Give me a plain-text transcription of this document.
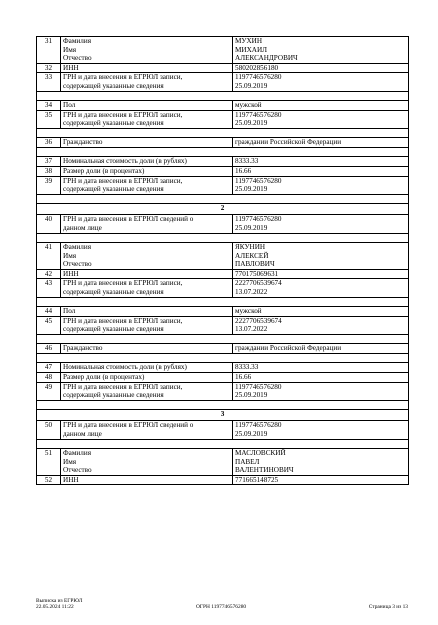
31	Фамилия
Имя
Отчество	МУХИН
МИХАИЛ
АЛЕКСАНДРОВИЧ
32	ИНН	580202856180
33	ГРН и дата внесения в ЕГРЮЛ записи,
содержащей указанные сведения	1197746576280
25.09.2019

34	Пол	мужской
35	ГРН и дата внесения в ЕГРЮЛ записи,
содержащей указанные сведения	1197746576280
25.09.2019

36	Гражданство	граждании Российской Федерации

37	Номинальная стоимость доли (в рублях)	8333.33
38	Размер доли (в процентах)	16.66
39	ГРН и дата внесения в ЕГРЮЛ записи,
содержащей указанные сведения	1197746576280
25.09.2019

2		
40	ГРН и дата внесения в ЕГРЮЛ сведений о
данном лице	1197746576280
25.09.2019

41	Фамилия
Имя
Отчество	ЯКУНИН
АЛЕКСЕЙ
ПАВЛОВИЧ
42	ИНН	770175069631
43	ГРН и дата внесения в ЕГРЮЛ записи,
содержащей указанные сведения	2227706539674
13.07.2022

44	Пол	мужской
45	ГРН и дата внесения в ЕГРЮЛ записи,
содержащей указанные сведения	2227706539674
13.07.2022

46	Гражданство	граждании Российской Федерации

47	Номинальная стоимость доли (в рублях)	8333.33
48	Размер доли (в процентах)	16.66
49	ГРН и дата внесения в ЕГРЮЛ записи,
содержащей указанные сведения	1197746576280
25.09.2019

3		
50	ГРН и дата внесения в ЕГРЮЛ сведений о
данном лице	1197746576280
25.09.2019

51	Фамилия
Имя
Отчество	МАСЛОВСКИЙ
ПАВЕЛ
ВАЛЕНТИНОВИЧ
52	ИНН	771665148725
Выписка из ЕГРЮЛ
22.05.2024 11:22	ОГРН 1197746576280	Страница 3 из 13
